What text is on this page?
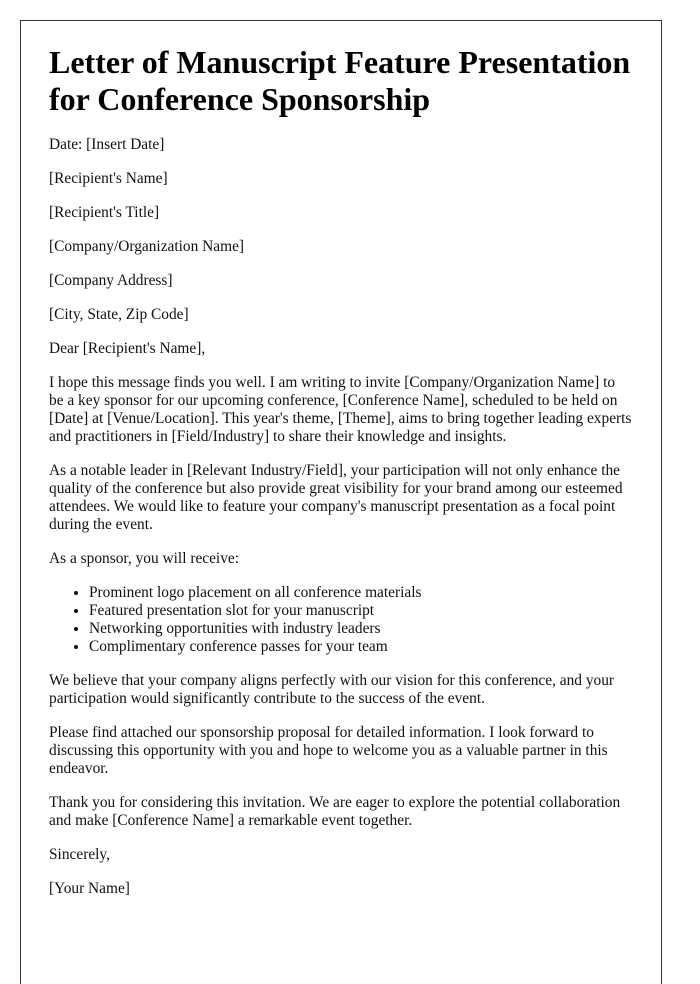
Letter of Manuscript Feature Presentation for Conference Sponsorship

Date: [Insert Date]

[Recipient's Name]

[Recipient's Title]

[Company/Organization Name]

[Company Address]

[City, State, Zip Code]

Dear [Recipient's Name],

I hope this message finds you well. I am writing to invite [Company/Organization Name] to be a key sponsor for our upcoming conference, [Conference Name], scheduled to be held on [Date] at [Venue/Location]. This year's theme, [Theme], aims to bring together leading experts and practitioners in [Field/Industry] to share their knowledge and insights.

As a notable leader in [Relevant Industry/Field], your participation will not only enhance the quality of the conference but also provide great visibility for your brand among our esteemed attendees. We would like to feature your company's manuscript presentation as a focal point during the event.

As a sponsor, you will receive:

• Prominent logo placement on all conference materials
• Featured presentation slot for your manuscript
• Networking opportunities with industry leaders
• Complimentary conference passes for your team

We believe that your company aligns perfectly with our vision for this conference, and your participation would significantly contribute to the success of the event.

Please find attached our sponsorship proposal for detailed information. I look forward to discussing this opportunity with you and hope to welcome you as a valuable partner in this endeavor.

Thank you for considering this invitation. We are eager to explore the potential collaboration and make [Conference Name] a remarkable event together.

Sincerely,

[Your Name]
